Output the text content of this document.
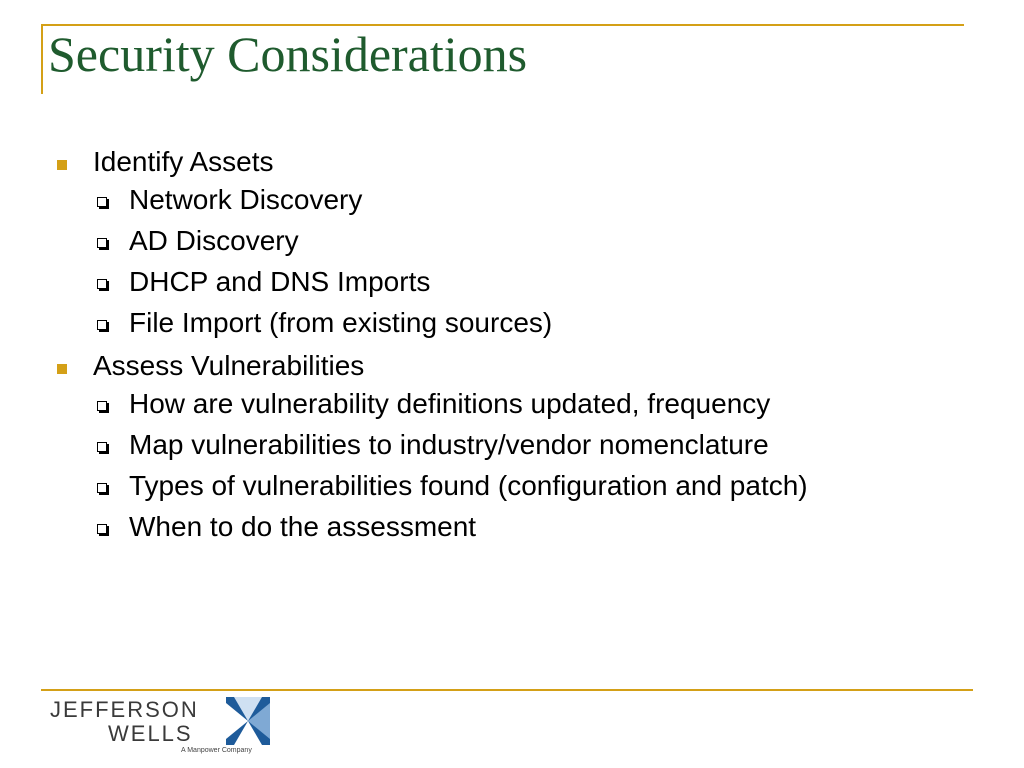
Security Considerations
Identify Assets
Network Discovery
AD Discovery
DHCP and DNS Imports
File Import (from existing sources)
Assess Vulnerabilities
How are vulnerability definitions updated, frequency
Map vulnerabilities to industry/vendor nomenclature
Types of vulnerabilities found (configuration and patch)
When to do the assessment
JEFFERSON
WELLS
A Manpower Company
